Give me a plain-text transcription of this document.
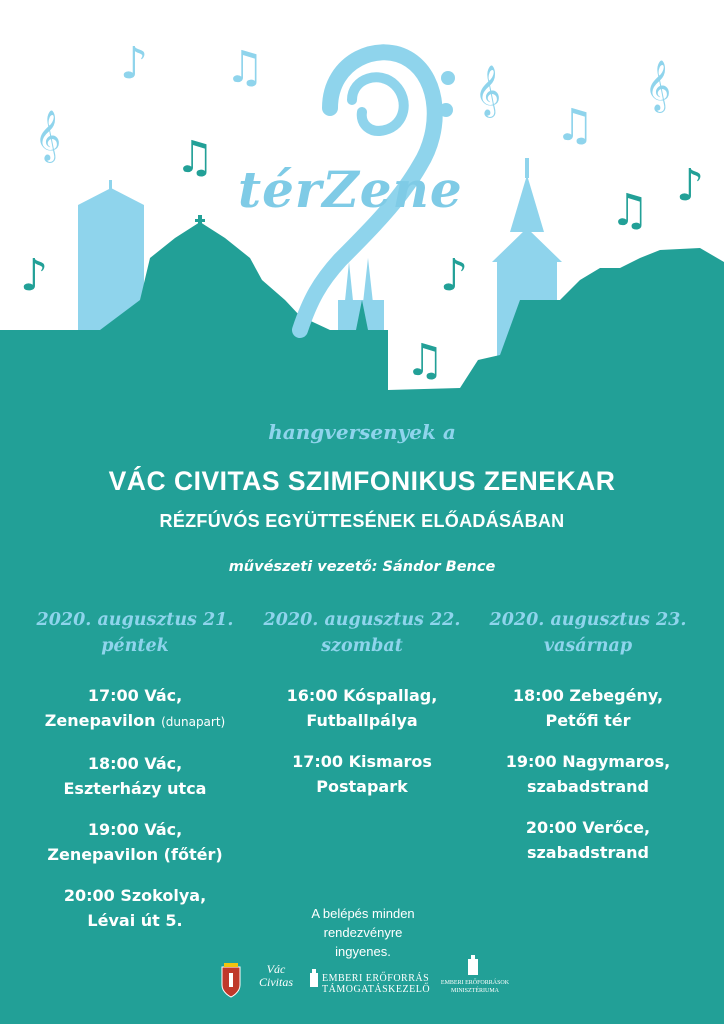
♪ ♫
𝄞	♫
♪
𝄞
♫
𝄞
♫ ♪
♪
♫
térZene
hangversenyek a
VÁC CIVITAS SZIMFONIKUS ZENEKAR
RÉZFÚVÓS EGYÜTTESÉNEK ELŐADÁSÁBAN
művészeti vezető: Sándor Bence
2020. augusztus 21.
péntek
17:00 Vác,
Zenepavilon (dunapart)
18:00 Vác,
Eszterházy utca
19:00 Vác,
Zenepavilon (főtér)
20:00 Szokolya,
Lévai út 5.
2020. augusztus 22.
szombat
16:00 Kóspallag,
Futballpálya
17:00 Kismaros
Postapark
2020. augusztus 23.
vasárnap
18:00 Zebegény,
Petőfi tér
19:00 Nagymaros,
szabadstrand
20:00 Verőce,
szabadstrand
A belépés minden
rendezvényre ingyenes.
Vác Civitas	EMBERI ERŐFORRÁS
TÁMOGATÁSKEZELŐ
EMBERI ERŐFORRÁSOK
MINISZTÉRIUMA
